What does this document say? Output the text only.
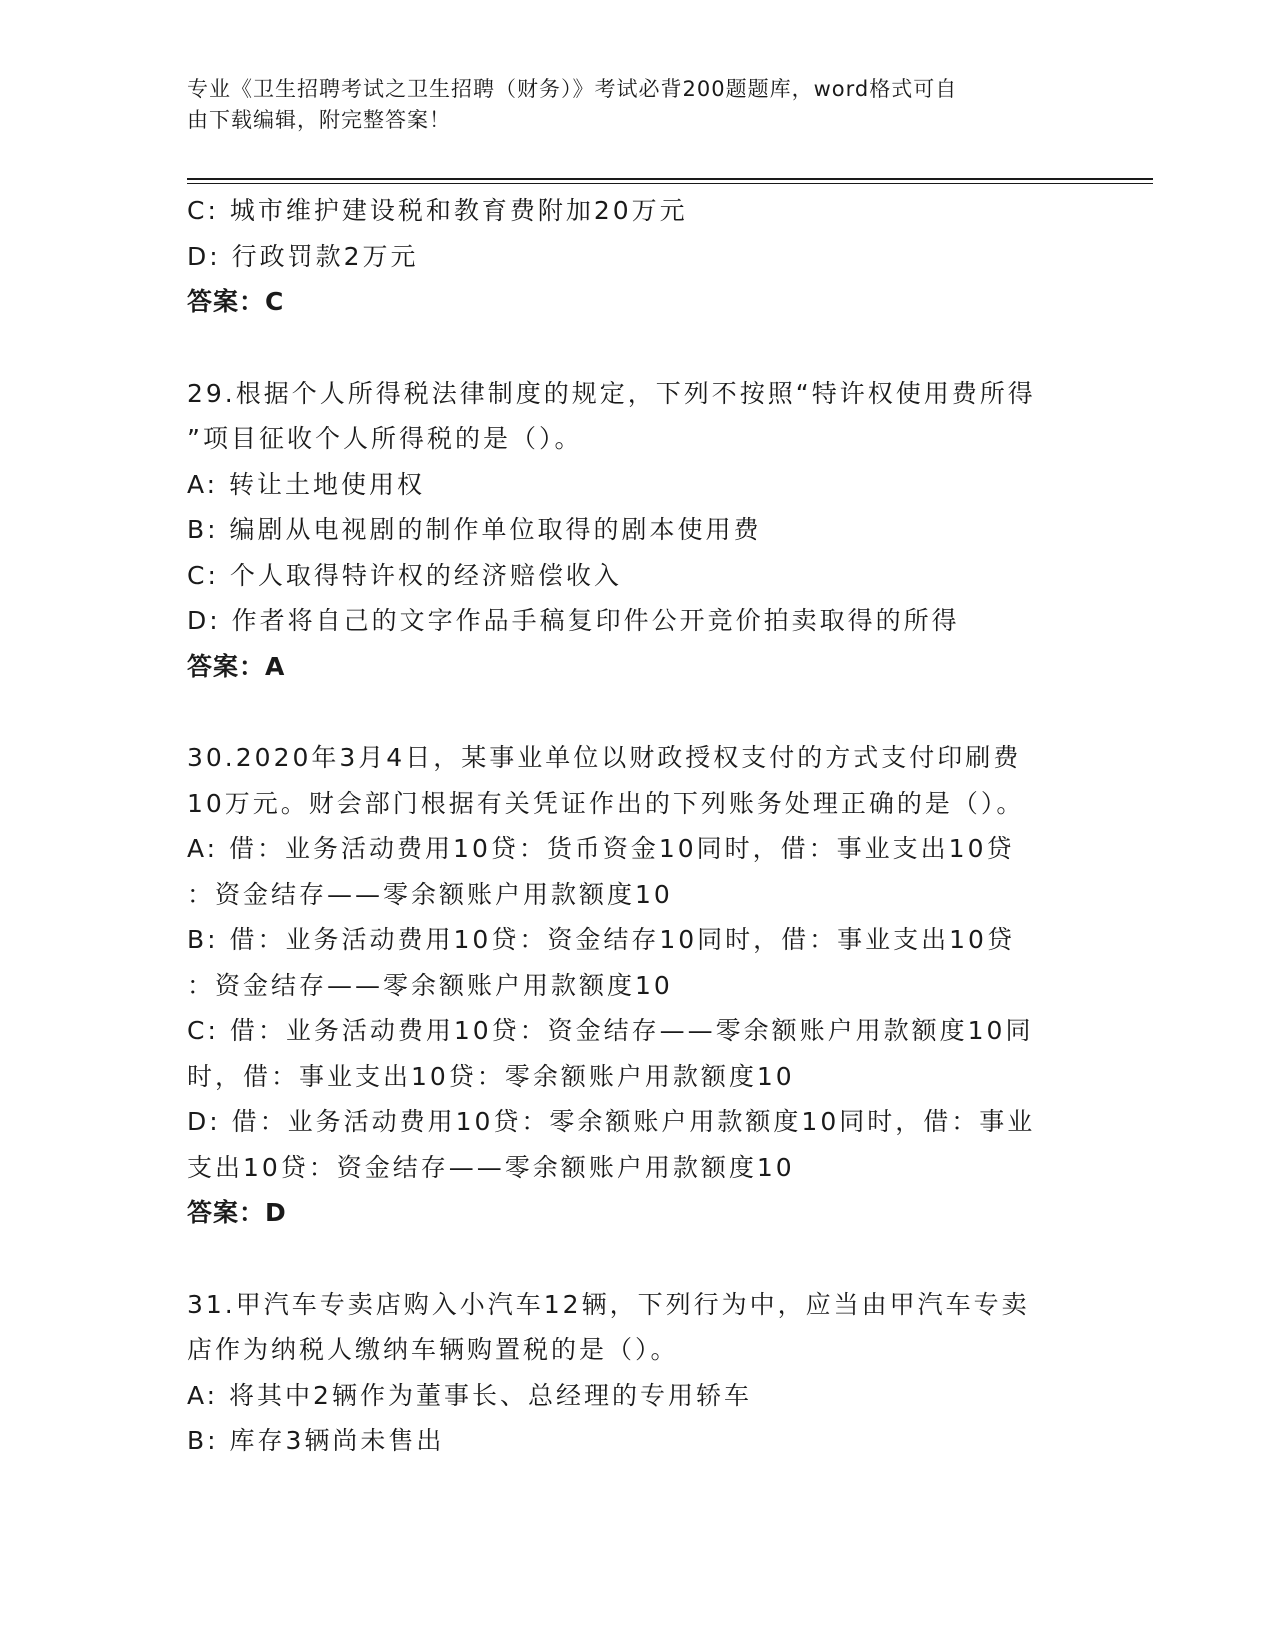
专业《卫生招聘考试之卫生招聘（财务）》考试必背200题题库，word格式可自
由下载编辑，附完整答案！
C: 城市维护建设税和教育费附加20万元
D: 行政罚款2万元
答案：C
29.根据个人所得税法律制度的规定，下列不按照“特许权使用费所得
”项目征收个人所得税的是（）。
A: 转让土地使用权
B: 编剧从电视剧的制作单位取得的剧本使用费
C: 个人取得特许权的经济赔偿收入
D: 作者将自己的文字作品手稿复印件公开竞价拍卖取得的所得
答案：A
30.2020年3月4日，某事业单位以财政授权支付的方式支付印刷费
10万元。财会部门根据有关凭证作出的下列账务处理正确的是（）。
A: 借：业务活动费用10贷：货币资金10同时，借：事业支出10贷
：资金结存——零余额账户用款额度10
B: 借：业务活动费用10贷：资金结存10同时，借：事业支出10贷
：资金结存——零余额账户用款额度10
C: 借：业务活动费用10贷：资金结存——零余额账户用款额度10同
时，借：事业支出10贷：零余额账户用款额度10
D: 借：业务活动费用10贷：零余额账户用款额度10同时，借：事业
支出10贷：资金结存——零余额账户用款额度10
答案：D
31.甲汽车专卖店购入小汽车12辆，下列行为中，应当由甲汽车专卖
店作为纳税人缴纳车辆购置税的是（）。
A: 将其中2辆作为董事长、总经理的专用轿车
B: 库存3辆尚未售出
